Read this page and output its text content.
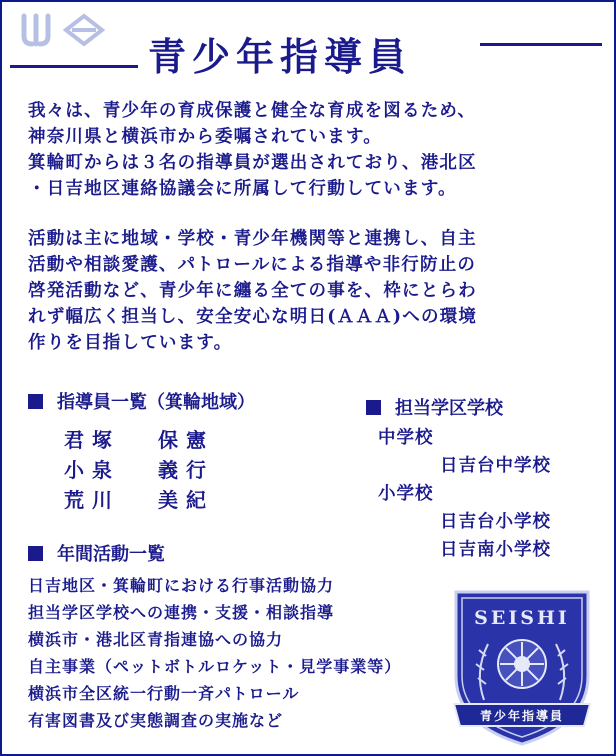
青少年指導員
我々は、青少年の育成保護と健全な育成を図るため、
神奈川県と横浜市から委嘱されています。
箕輪町からは３名の指導員が選出されており、港北区
・日吉地区連絡協議会に所属して行動しています。
活動は主に地域・学校・青少年機関等と連携し、自主
活動や相談愛護、パトロールによる指導や非行防止の
啓発活動など、青少年に纏る全ての事を、枠にとらわ
れず幅広く担当し、安全安心な明日(ＡＡＡ)への環境
作りを目指しています。
指導員一覧（箕輪地域）
君塚 保憲
小泉 義行
荒川 美紀
担当学区学校
中学校
日吉台中学校
小学校
日吉台小学校
日吉南小学校
年間活動一覧
日吉地区・箕輪町における行事活動協力
担当学区学校への連携・支援・相談指導
横浜市・港北区青指連協への協力
自主事業（ペットボトルロケット・見学事業等）
横浜市全区統一行動一斉パトロール
有害図書及び実態調査の実施など
SEISHI
青少年指導員
